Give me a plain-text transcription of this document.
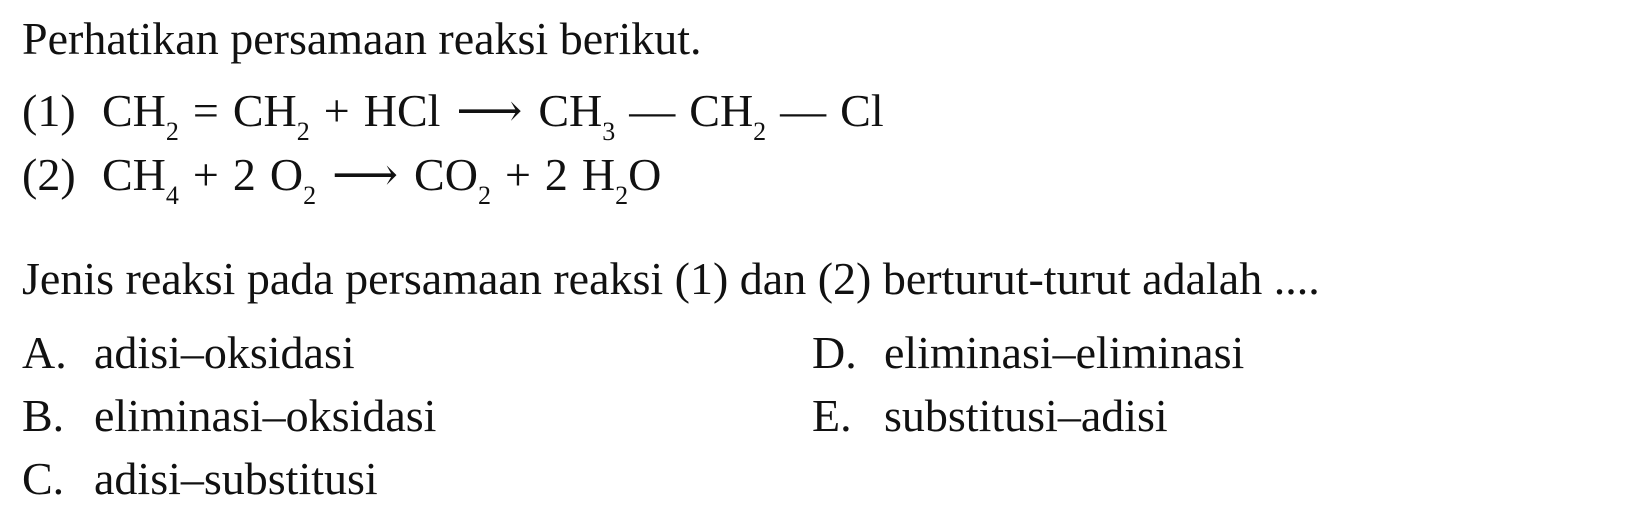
Perhatikan persamaan reaksi berikut.
(1) $CH_2 = CH_2$ + HCl ⟶ $CH_3$ — $CH_2$ — Cl
(2) $CH_4 + 2$ $O_2$ ⟶ $CO_2 + 2$ $H_2O$
Jenis reaksi pada persamaan reaksi (1) dan (2) berturut-turut adalah ....
A. adisi–oksidasi
B. eliminasi–oksidasi
C. adisi–substitusi
D. eliminasi–eliminasi
E. substitusi–adisi
